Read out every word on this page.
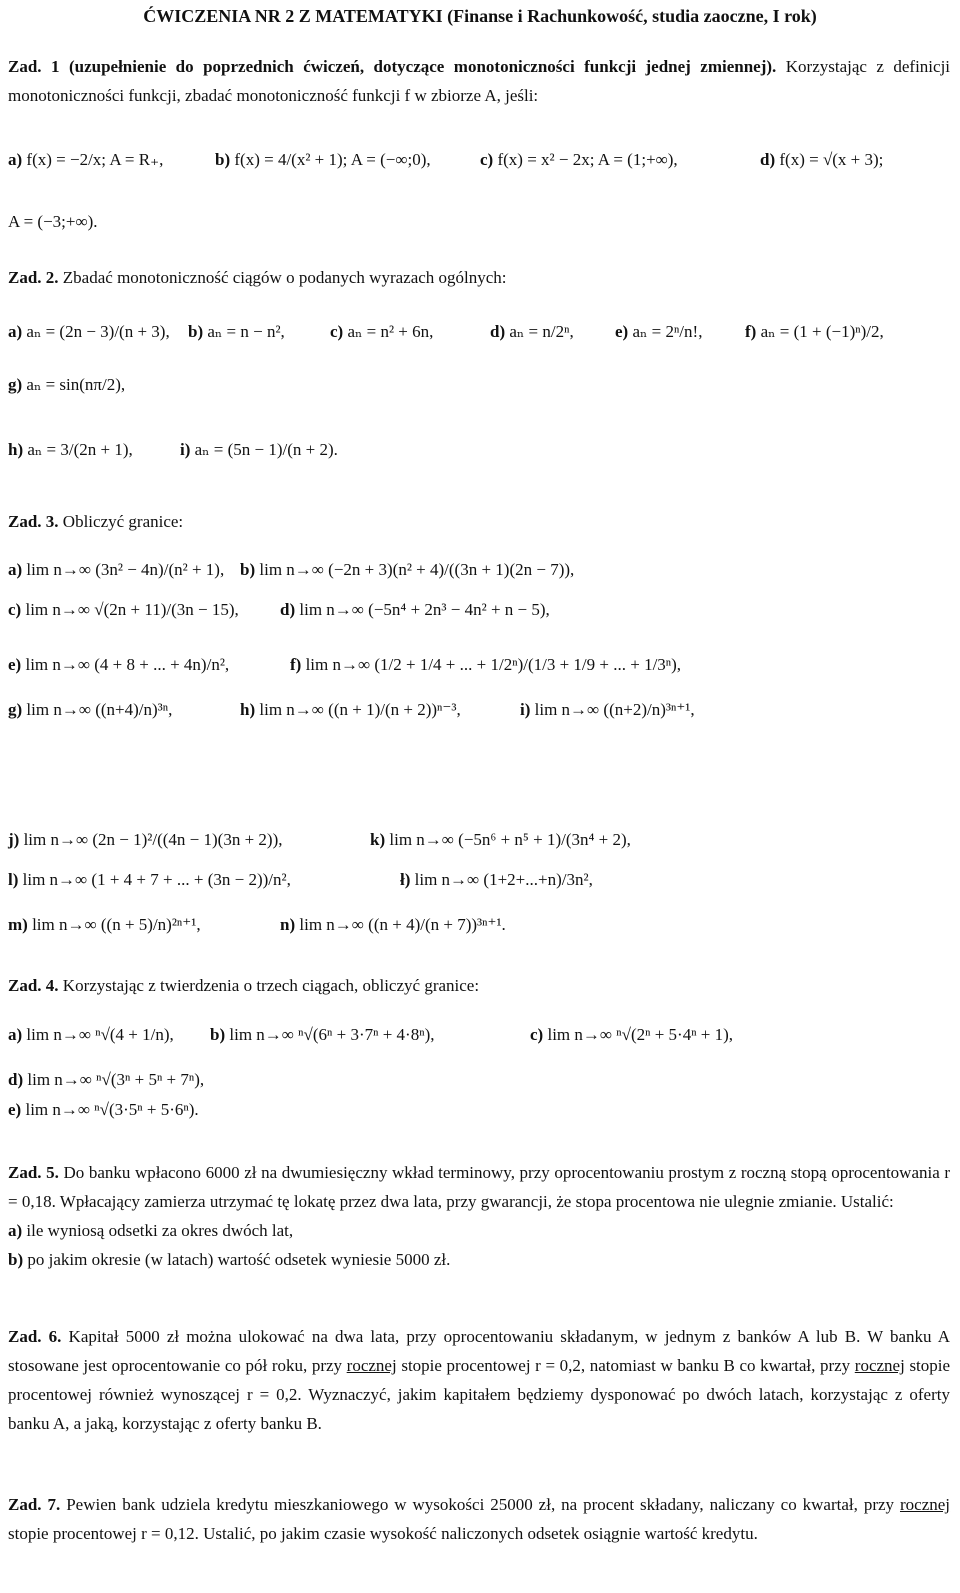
ĆWICZENIA NR 2 Z MATEMATYKI (Finanse i Rachunkowość, studia zaoczne, I rok)
Zad. 1 (uzupełnienie do poprzednich ćwiczeń, dotyczące monotoniczności funkcji jednej zmiennej). Korzystając z definicji monotoniczności funkcji, zbadać monotoniczność funkcji f w zbiorze A, jeśli:
a) f(x) = −2/x; A = R₊,	b) f(x) = 4/(x² + 1); A = (−∞;0),	c) f(x) = x² − 2x; A = (1;+∞),	d) f(x) = √(x + 3);
A = (−3;+∞).
Zad. 2. Zbadać monotoniczność ciągów o podanych wyrazach ogólnych:
a) aₙ = (2n − 3)/(n + 3), b) aₙ = n − n²,	c) aₙ = n² + 6n,	d) aₙ = n/2ⁿ, e) aₙ = 2ⁿ/n!,	f) aₙ = (1 + (−1)ⁿ)/2,
g) aₙ = sin(nπ/2),
h) aₙ = 3/(2n + 1),	i) aₙ = (5n − 1)/(n + 2).
Zad. 3. Obliczyć granice:
a) lim n→∞ (3n² − 4n)/(n² + 1), b) lim n→∞ (−2n + 3)(n² + 4)/((3n + 1)(2n − 7)),
c) lim n→∞ √(2n + 11)/(3n − 15), d) lim n→∞ (−5n⁴ + 2n³ − 4n² + n − 5),
e) lim n→∞ (4 + 8 + ... + 4n)/n²,	f) lim n→∞ (1/2 + 1/4 + ... + 1/2ⁿ)/(1/3 + 1/9 + ... + 1/3ⁿ),
g) lim n→∞ ((n+4)/n)³ⁿ,	h) lim n→∞ ((n + 1)/(n + 2))ⁿ⁻³,	i) lim n→∞ ((n+2)/n)³ⁿ⁺¹,
j) lim n→∞ (2n − 1)²/((4n − 1)(3n + 2)),	k) lim n→∞ (−5n⁶ + n⁵ + 1)/(3n⁴ + 2),
l) lim n→∞ (1 + 4 + 7 + ... + (3n − 2))/n²,	ł) lim n→∞ (1+2+...+n)/3n²,
m) lim n→∞ ((n + 5)/n)²ⁿ⁺¹,	n) lim n→∞ ((n + 4)/(n + 7))³ⁿ⁺¹.
Zad. 4. Korzystając z twierdzenia o trzech ciągach, obliczyć granice:
a) lim n→∞ ⁿ√(4 + 1/n), b) lim n→∞ ⁿ√(6ⁿ + 3·7ⁿ + 4·8ⁿ),	c) lim n→∞ ⁿ√(2ⁿ + 5·4ⁿ + 1),
d) lim n→∞ ⁿ√(3ⁿ + 5ⁿ + 7ⁿ),
e) lim n→∞ ⁿ√(3·5ⁿ + 5·6ⁿ).
Zad. 5. Do banku wpłacono 6000 zł na dwumiesięczny wkład terminowy, przy oprocentowaniu prostym z roczną stopą oprocentowania r = 0,18. Wpłacający zamierza utrzymać tę lokatę przez dwa lata, przy gwarancji, że stopa procentowa nie ulegnie zmianie. Ustalić:
a) ile wyniosą odsetki za okres dwóch lat,
b) po jakim okresie (w latach) wartość odsetek wyniesie 5000 zł.
Zad. 6. Kapitał 5000 zł można ulokować na dwa lata, przy oprocentowaniu składanym, w jednym z banków A lub B. W banku A stosowane jest oprocentowanie co pół roku, przy rocznej stopie procentowej r = 0,2, natomiast w banku B co kwartał, przy rocznej stopie procentowej również wynoszącej r = 0,2. Wyznaczyć, jakim kapitałem będziemy dysponować po dwóch latach, korzystając z oferty banku A, a jaką, korzystając z oferty banku B.
Zad. 7. Pewien bank udziela kredytu mieszkaniowego w wysokości 25000 zł, na procent składany, naliczany co kwartał, przy rocznej stopie procentowej r = 0,12. Ustalić, po jakim czasie wysokość naliczonych odsetek osiągnie wartość kredytu.
